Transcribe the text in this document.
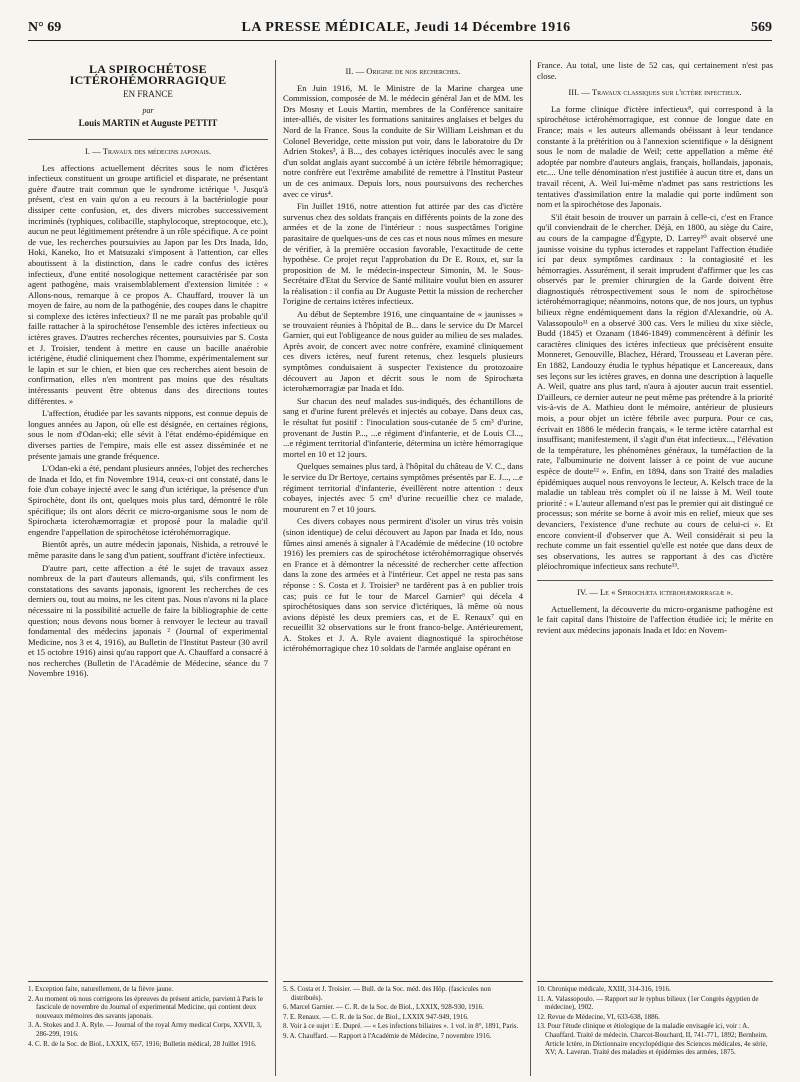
N° 69	LA PRESSE MÉDICALE, Jeudi 14 Décembre 1916	569
LA SPIROCHÉTOSE ICTÉROHÉMORRAGIQUE
EN FRANCE
par
Louis MARTIN et Auguste PETTIT
I. — Travaux des médecins japonais.

Les affections actuellement décrites sous le nom d'ictères infectieux constituent un groupe artificiel et disparate, ne présentant guère d'autre trait commun que le syndrome ictérique ¹. Jusqu'à présent, c'est en vain qu'on a eu recours à la bactériologie pour dissiper cette confusion, et, des divers microbes successivement incriminés (typhiques, colibacille, staphylocoque, streptocoque, etc.), aucun ne peut légitimement prétendre à un rôle spécifique. A ce point de vue, les recherches poursuivies au Japon par les Drs Inada, Ido, Hoki, Kaneko, Ito et Matsuzaki s'imposent à l'attention, car elles aboutissent à la distinction, dans le cadre confus des ictères infectieux, d'une entité nosologique nettement caractérisée par son agent pathogène, mais vraisemblablement d'extension limitée : « Allons-nous, remarque à ce propos A. Chauffard, trouver là un moyen de faire, au nom de la pathogénie, des coupes dans le chapitre si complexe des ictères infectieux? Il ne me paraît pas probable qu'il faille rattacher à la spirochétose l'ensemble des ictères infectieux ou ictères graves. D'autres recherches récentes, poursuivies par S. Costa et J. Troisier, tendent à mettre en cause un bacille anaérobie ictérigène, étudié cliniquement chez l'homme, expérimentalement sur le lapin et sur le chien, et bien que ces recherches aient besoin de confirmation, elles n'en montrent pas moins que des résultats intéressants peuvent être obtenus dans des directions toutes différentes. »

L'affection, étudiée par les savants nippons, est connue depuis de longues années au Japon, où elle est désignée, en certaines régions, sous le nom d'Odan-eki; elle sévit à l'état endémo-épidémique en diverses parties de l'empire, mais elle est assez disséminée et ne présente jamais une grande fréquence.

L'Odan-eki a été, pendant plusieurs années, l'objet des recherches de Inada et Ido, et fin Novembre 1914, ceux-ci ont constaté, dans le foie d'un cobaye injecté avec le sang d'un ictérique, la présence d'un Spirochète, dont ils ont, quelques mois plus tard, démontré le rôle spécifique; ils ont alors décrit ce micro-organisme sous le nom de Spirochæta icterohæmorragiæ et proposé pour la maladie qu'il engendre l'appellation de spirochétose ictérohémorragique.

Bientôt après, un autre médecin japonais, Nishida, a retrouvé le même parasite dans le sang d'un patient, souffrant d'ictère infectieux.

D'autre part, cette affection a été le sujet de travaux assez nombreux de la part d'auteurs allemands, qui, s'ils confirment les constatations des savants japonais, ignorent les recherches de ces derniers ou, tout au moins, ne les citent pas. Nous n'avons ni la place nécessaire ni la possibilité actuelle de faire la bibliographie de cette question; nous devons nous borner à renvoyer le lecteur au travail fondamental des médecins japonais ² (Journal of experimental Medicine, nos 3 et 4, 1916), au Bulletin de l'Institut Pasteur (30 avril et 15 octobre 1916) ainsi qu'au rapport que A. Chauffard a consacré à nos recherches (Bulletin de l'Académie de Médecine, séance du 7 Novembre 1916).

II. — Origine de nos recherches.

En Juin 1916, M. le Ministre de la Marine chargea une Commission, composée de M. le médecin général Jan et de MM. les Drs Mosny et Louis Martin, membres de la Conférence sanitaire inter-alliés, de visiter les formations sanitaires anglaises et belges du Nord de la France. Sous la conduite de Sir William Leishman et du Colonel Beveridge, cette mission put voir, dans le laboratoire du Dr Adrien Stokes³, à B..., des cobayes ictériques inoculés avec le sang d'un soldat anglais ayant succombé à un ictère fébrile hémorragique; notre confrère eut l'extrême amabilité de remettre à l'Institut Pasteur un de ces animaux. Depuis lors, nous poursuivons des recherches avec ce virus⁴.

Fin Juillet 1916, notre attention fut attirée par des cas d'ictère survenus chez des soldats français en différents points de la zone des armées et de la zone de l'intérieur : nous suspectâmes l'origine parasitaire de quelques-uns de ces cas et nous nous mîmes en mesure de vérifier, à la première occasion favorable, l'exactitude de cette hypothèse. Ce projet reçut l'approbation du Dr E. Roux, et, sur la proposition de M. le médecin-inspecteur Simonin, M. le Sous-Secrétaire d'Etat du Service de Santé militaire voulut bien en assurer la réalisation : il confia au Dr Auguste Pettit la mission de rechercher l'origine de certains ictères infectieux.

Au début de Septembre 1916, une cinquantaine de « jaunisses » se trouvaient réunies à l'hôpital de B... dans le service du Dr Marcel Garnier, qui eut l'obligeance de nous guider au milieu de ses malades. Après avoir, de concert avec notre confrère, examiné cliniquement ces divers ictères, neuf furent retenus, chez lesquels plusieurs symptômes conduisaient à suspecter l'existence du protozoaire découvert au Japon et décrit sous le nom de Spirochæta icterohæmorragiæ par Inada et Ido.

Sur chacun des neuf malades sus-indiqués, des échantillons de sang et d'urine furent prélevés et injectés au cobaye. Dans deux cas, le résultat fut positif : l'inoculation sous-cutanée de 5 cm³ d'urine, provenant de Justin P..., ...e régiment d'infanterie, et de Louis Cl..., ...e régiment territorial d'infanterie, détermina un ictère hémorragique mortel en 10 et 12 jours.

Quelques semaines plus tard, à l'hôpital du château de V. C., dans le service du Dr Bertoye, certains symptômes présentés par E. J..., ...e régiment territorial d'infanterie, éveillèrent notre attention : deux cobayes, injectés avec 5 cm³ d'urine recueillie chez ce malade, moururent en 7 et 10 jours.

Ces divers cobayes nous permirent d'isoler un virus très voisin (sinon identique) de celui découvert au Japon par Inada et Ido, nous fûmes ainsi amenés à signaler à l'Académie de médecine (10 octobre 1916) les premiers cas de spirochétose ictérohémorragique observés en France et à démontrer la nécessité de rechercher cette affection dans la zone des armées et à l'intérieur. Cet appel ne resta pas sans réponse : S. Costa et J. Troisier⁵ ne tardèrent pas à en publier trois cas; puis ce fut le tour de Marcel Garnier⁶ qui décela 4 spirochétosiques dans son service d'ictériques, là même où nous avions dépisté les deux premiers cas, et de E. Renaux⁷ qui en recueillit 32 observations sur le front franco-belge. Antérieurement, A. Stokes et J. A. Ryle avaient diagnostiqué la spirochétose ictérohémorragique chez 10 soldats de l'armée anglaise opérant en

France. Au total, une liste de 52 cas, qui certainement n'est pas close.

III. — Travaux classiques sur l'ictère infectieux.

La forme clinique d'ictère infectieux⁸, qui correspond à la spirochétose ictérohémorragique, est connue de longue date en France; mais « les auteurs allemands obéissant à leur tendance constante à la prétérition ou à l'annexion scientifique » la désignent sous le nom de maladie de Weil; cette appellation a même été adoptée par nombre d'auteurs anglais, français, hollandais, japonais, etc.... Une telle dénomination n'est justifiée à aucun titre et, dans un travail récent, A. Weil lui-même n'admet pas sans restrictions les tentatives d'assimilation entre la maladie qui porte indûment son nom et la spirochétose des Japonais.

S'il était besoin de trouver un parrain à celle-ci, c'est en France qu'il conviendrait de le chercher. Déjà, en 1800, au siège du Caire, au cours de la campagne d'Égypte, D. Larrey¹⁰ avait observé une jaunisse voisine du typhus icterodes et rappelant l'affection étudiée ici par deux symptômes cardinaux : la contagiosité et les hémorragies. Assurément, il serait imprudent d'affirmer que les cas observés par le premier chirurgien de la Garde doivent être diagnostiqués rétrospectivement sous le nom de spirochétose ictérohémorragique; néanmoins, notons que, de nos jours, un typhus bilieux règne endémiquement dans la région d'Alexandrie, où A. Valassopoulo¹¹ en a observé 300 cas. Vers le milieu du xixe siècle, Budd (1845) et Ozanam (1846-1849) commencèrent à définir les caractères cliniques des ictères infectieux que précisèrent ensuite Monneret, Genouville, Blachez, Hérard, Trousseau et Laveran père. En 1882, Landouzy étudia le typhus hépatique et Lancereaux, dans ses leçons sur les ictères graves, en donna une description à laquelle A. Weil, quatre ans plus tard, n'aura à ajouter aucun trait essentiel. D'ailleurs, ce dernier auteur ne peut même pas prétendre à la priorité vis-à-vis de A. Mathieu dont le mémoire, antérieur de plusieurs mois, a pour objet un ictère fébrile avec purpura. Pour ce cas, écrivait en 1886 le médecin français, « le terme ictère catarrhal est insuffisant; manifestement, il s'agit d'un état infectieux..., l'élévation de la température, les phénomènes généraux, la tuméfaction de la rate, l'albuminurie ne doivent laisser à ce point de vue aucune espèce de doute¹² ». Enfin, en 1894, dans son Traité des maladies épidémiques auquel nous renvoyons le lecteur, A. Kelsch trace de la maladie un tableau très complet où il ne laisse à M. Weil toute priorité : « L'auteur allemand n'est pas le premier qui ait distingué ce processus; son mérite se borne à avoir mis en relief, mieux que ses devanciers, l'existence d'une rechute au cours de celui-ci ». Et encore convient-il d'observer que A. Weil considérait si peu la rechute comme un fait essentiel qu'elle est notée que dans deux de ses observations, les autres se rapportant à des cas d'ictère pléiochromique infectieux sans rechute¹³.

IV. — Le « Spirochæta icterohæmorragiæ ».

Actuellement, la découverte du micro-organisme pathogène est le fait capital dans l'histoire de l'affection étudiée ici; le mérite en revient aux médecins japonais Inada et Ido: en Novem-

1. Exception faite, naturellement, de la fièvre jaune.
2. Au moment où nous corrigeons les épreuves du présent article, parvient à Paris le fascicule de novembre du Journal of experimental Medicine, qui contient deux nouveaux mémoires des savants japonais.
3. A. Stokes and J. A. Ryle. — Journal of the royal Army medical Corps, XXVII, 3, 286-299, 1916.
4. C. R. de la Soc. de Biol., LXXIX, 657, 1916; Bulletin médical, 28 Juillet 1916.
5. S. Costa et J. Troisier. — Bull. de la Soc. méd. des Hôp. (fascicules non distribués).
6. Marcel Garnier. — C. R. de la Soc. de Biol., LXXIX, 928-930, 1916.
7. E. Renaux. — C. R. de la Soc. de Biol., LXXIX 947-949, 1916.
8. Voir à ce sujet : E. Dupré. — « Les infections biliaires ». 1 vol. in 8°, 1891, Paris.
9. A. Chauffard. — Rapport à l'Académie de Médecine, 7 novembre 1916.
10. Chronique médicale, XXIII, 314-316, 1916.
11. A. Valassopoulo. — Rapport sur le typhus bilieux (1er Congrès égyptien de médecine), 1902.
12. Revue de Médecine, VI, 633-638, 1886.
13. Pour l'étude clinique et étiologique de la maladie envisagée ici, voir : A. Chauffard. Traité de médecin. Charcot-Bouchard, II, 741-771, 1892; Bernheim. Article Ictère, in Dictionnaire encyclopédique des Sciences médicales, 4e série, XV; A. Laveran. Traité des maladies et épidémies des armées, 1875.
